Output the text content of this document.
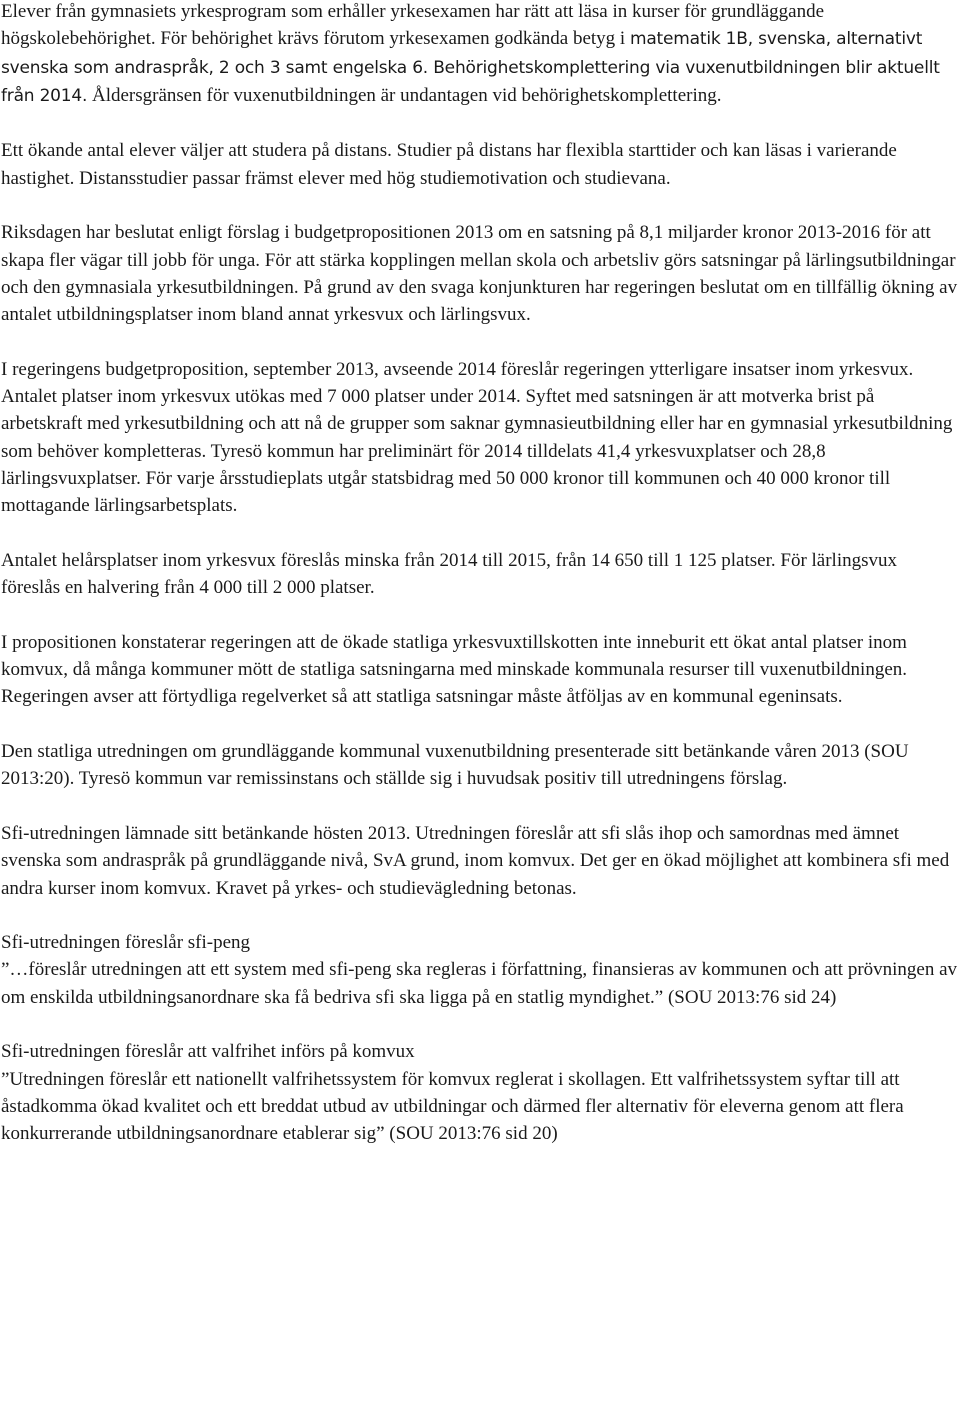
Elever från gymnasiets yrkesprogram som erhåller yrkesexamen har rätt att läsa in kurser för grundläggande högskolebehörighet. För behörighet krävs förutom yrkesexamen godkända betyg i matematik 1B, svenska, alternativt svenska som andraspråk, 2 och 3 samt engelska 6. Behörighetskomplettering via vuxenutbildningen blir aktuellt från 2014. Åldersgränsen för vuxenutbildningen är undantagen vid behörighetskomplettering.

Ett ökande antal elever väljer att studera på distans. Studier på distans har flexibla starttider och kan läsas i varierande hastighet. Distansstudier passar främst elever med hög studiemotivation och studievana.

Riksdagen har beslutat enligt förslag i budgetpropositionen 2013 om en satsning på 8,1 miljarder kronor 2013-2016 för att skapa fler vägar till jobb för unga. För att stärka kopplingen mellan skola och arbetsliv görs satsningar på lärlingsutbildningar och den gymnasiala yrkesutbildningen. På grund av den svaga konjunkturen har regeringen beslutat om en tillfällig ökning av antalet utbildningsplatser inom bland annat yrkesvux och lärlingsvux.

I regeringens budgetproposition, september 2013, avseende 2014 föreslår regeringen ytterligare insatser inom yrkesvux. Antalet platser inom yrkesvux utökas med 7 000 platser under 2014. Syftet med satsningen är att motverka brist på arbetskraft med yrkesutbildning och att nå de grupper som saknar gymnasieutbildning eller har en gymnasial yrkesutbildning som behöver kompletteras. Tyresö kommun har preliminärt för 2014 tilldelats 41,4 yrkesvuxplatser och 28,8 lärlingsvuxplatser. För varje årsstudieplats utgår statsbidrag med 50 000 kronor till kommunen och 40 000 kronor till mottagande lärlingsarbetsplats.

Antalet helårsplatser inom yrkesvux föreslås minska från 2014 till 2015, från 14 650 till 1 125 platser. För lärlingsvux föreslås en halvering från 4 000 till 2 000 platser.

I propositionen konstaterar regeringen att de ökade statliga yrkesvuxtillskotten inte inneburit ett ökat antal platser inom komvux, då många kommuner mött de statliga satsningarna med minskade kommunala resurser till vuxenutbildningen. Regeringen avser att förtydliga regelverket så att statliga satsningar måste åtföljas av en kommunal egeninsats.

Den statliga utredningen om grundläggande kommunal vuxenutbildning presenterade sitt betänkande våren 2013 (SOU 2013:20). Tyresö kommun var remissinstans och ställde sig i huvudsak positiv till utredningens förslag.

Sfi-utredningen lämnade sitt betänkande hösten 2013. Utredningen föreslår att sfi slås ihop och samordnas med ämnet svenska som andraspråk på grundläggande nivå, SvA grund, inom komvux. Det ger en ökad möjlighet att kombinera sfi med andra kurser inom komvux. Kravet på yrkes- och studievägledning betonas.

Sfi-utredningen föreslår sfi-peng
”…föreslår utredningen att ett system med sfi-peng ska regleras i författning, finansieras av kommunen och att prövningen av om enskilda utbildningsanordnare ska få bedriva sfi ska ligga på en statlig myndighet.” (SOU 2013:76 sid 24)
Sfi-utredningen föreslår att valfrihet införs på komvux
”Utredningen föreslår ett nationellt valfrihetssystem för komvux reglerat i skollagen. Ett valfrihetssystem syftar till att åstadkomma ökad kvalitet och ett breddat utbud av utbildningar och därmed fler alternativ för eleverna genom att flera konkurrerande utbildningsanordnare etablerar sig” (SOU 2013:76 sid 20)
